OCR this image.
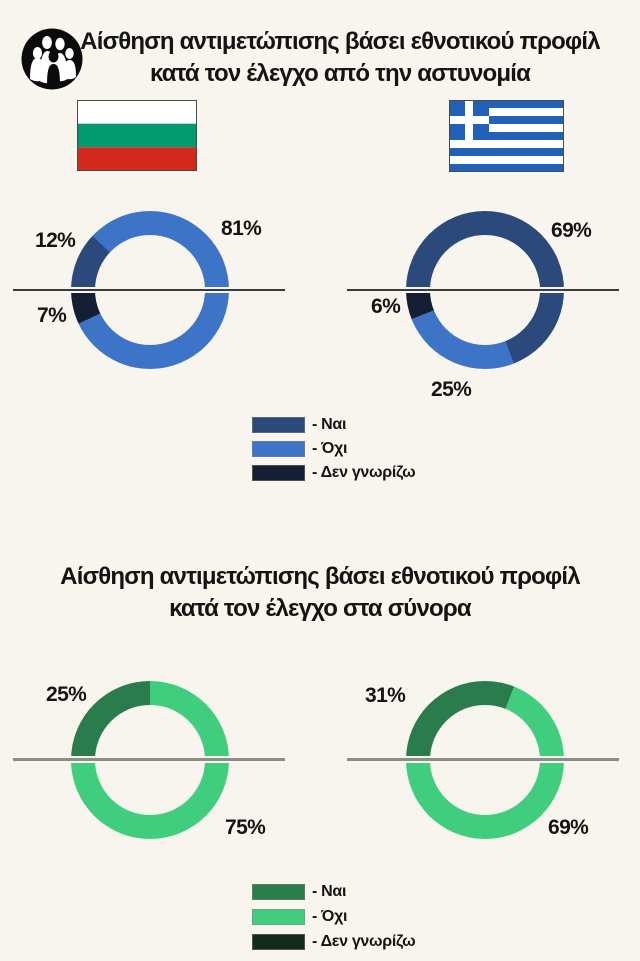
Αίσθηση αντιμετώπισης βάσει εθνοτικού προφίλ
κατά τον έλεγχο από την αστυνομία
81%
12%
7%
69%
6%
25%
- Ναι
- Όχι
- Δεν γνωρίζω
Αίσθηση αντιμετώπισης βάσει εθνοτικού προφίλ
κατά τον έλεγχο στα σύνορα
25%
75%
31%
69%
- Ναι
- Όχι
- Δεν γνωρίζω
